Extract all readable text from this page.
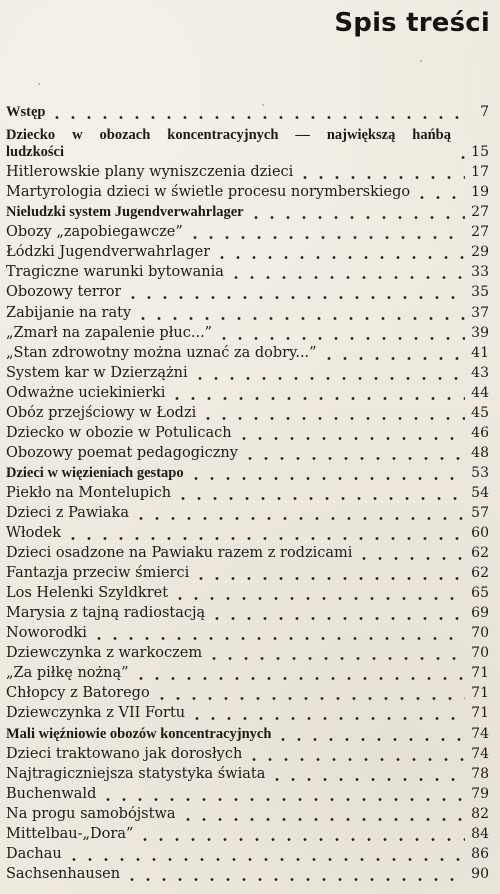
Spis treści
Wstęp	7
Dziecko w obozach koncentracyjnych — największą hańbą ludzkości	15
Hitlerowskie plany wyniszczenia dzieci	17
Martyrologia dzieci w świetle procesu norymberskiego	19
Nieludzki system Jugendverwahrlager	27
Obozy „zapobiegawcze”	27
Łódzki Jugendverwahrlager	29
Tragiczne warunki bytowania	33
Obozowy terror	35
Zabijanie na raty	37
„Zmarł na zapalenie płuc...”	39
„Stan zdrowotny można uznać za dobry...”	41
System kar w Dzierzążni	43
Odważne uciekinierki	44
Obóz przejściowy w Łodzi	45
Dziecko w obozie w Potulicach	46
Obozowy poemat pedagogiczny	48
Dzieci w więzieniach gestapo	53
Piekło na Montelupich	54
Dzieci z Pawiaka	57
Włodek	60
Dzieci osadzone na Pawiaku razem z rodzicami	62
Fantazja przeciw śmierci	62
Los Helenki Szyldkret	65
Marysia z tajną radiostacją	69
Noworodki	70
Dziewczynka z warkoczem	70
„Za piłkę nożną”	71
Chłopcy z Batorego	71
Dziewczynka z VII Fortu	71
Mali więźniowie obozów koncentracyjnych	74
Dzieci traktowano jak dorosłych	74
Najtragiczniejsza statystyka świata	78
Buchenwald	79
Na progu samobójstwa	82
Mittelbau-„Dora”	84
Dachau	86
Sachsenhausen	90
